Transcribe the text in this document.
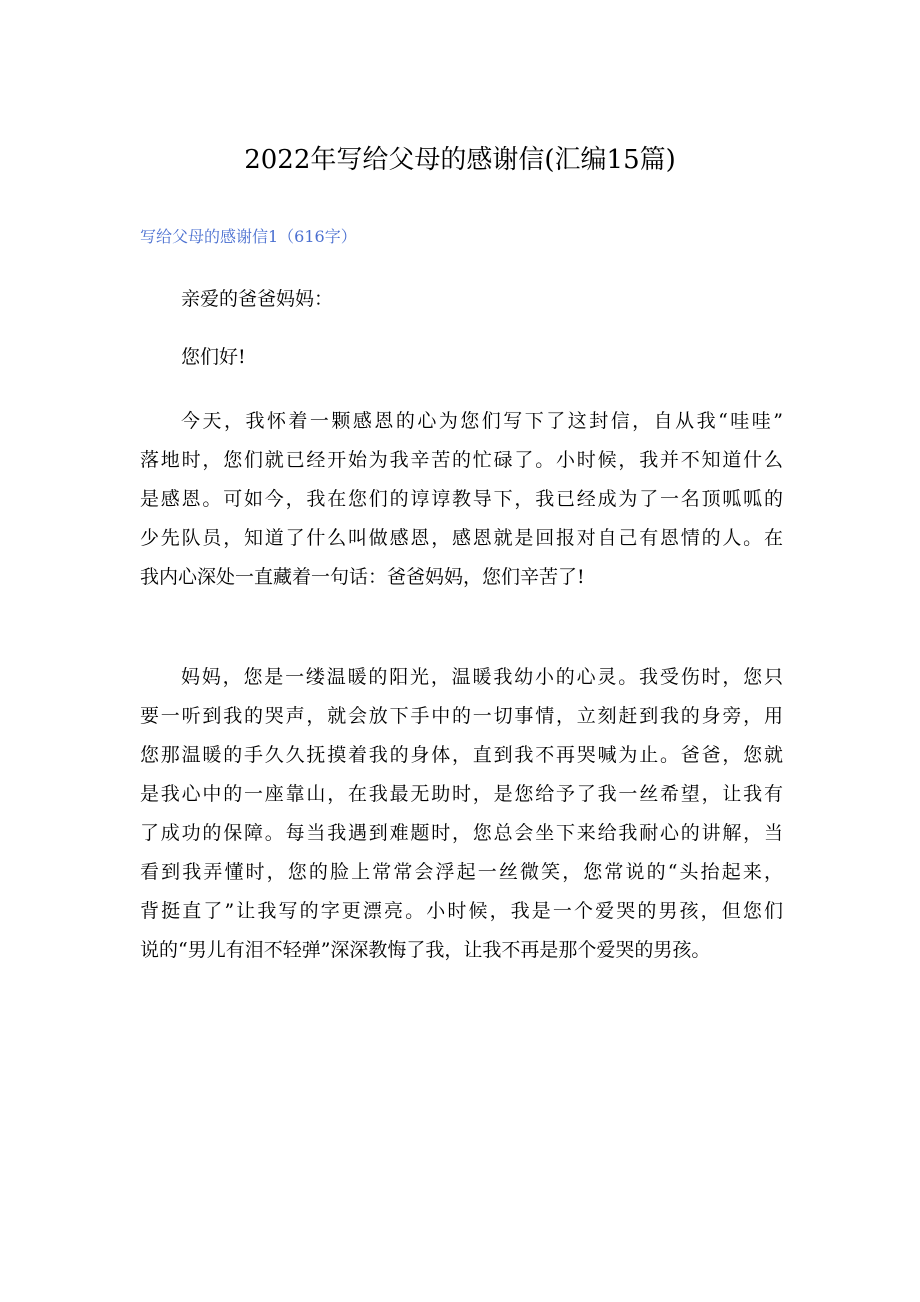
2022年写给父母的感谢信(汇编15篇)
写给父母的感谢信1（616字）

亲爱的爸爸妈妈：

您们好!

今天，我怀着一颗感恩的心为您们写下了这封信，自从我“哇哇”
落地时，您们就已经开始为我辛苦的忙碌了。小时候，我并不知道什么
是感恩。可如今，我在您们的谆谆教导下，我已经成为了一名顶呱呱的
少先队员，知道了什么叫做感恩，感恩就是回报对自己有恩情的人。在
我内心深处一直藏着一句话：爸爸妈妈，您们辛苦了!

妈妈，您是一缕温暖的阳光，温暖我幼小的心灵。我受伤时，您只
要一听到我的哭声，就会放下手中的一切事情，立刻赶到我的身旁，用
您那温暖的手久久抚摸着我的身体，直到我不再哭喊为止。爸爸，您就
是我心中的一座靠山，在我最无助时，是您给予了我一丝希望，让我有
了成功的保障。每当我遇到难题时，您总会坐下来给我耐心的讲解，当
看到我弄懂时，您的脸上常常会浮起一丝微笑，您常说的“头抬起来，
背挺直了”让我写的字更漂亮。小时候，我是一个爱哭的男孩，但您们
说的“男儿有泪不轻弹”深深教悔了我，让我不再是那个爱哭的男孩。
